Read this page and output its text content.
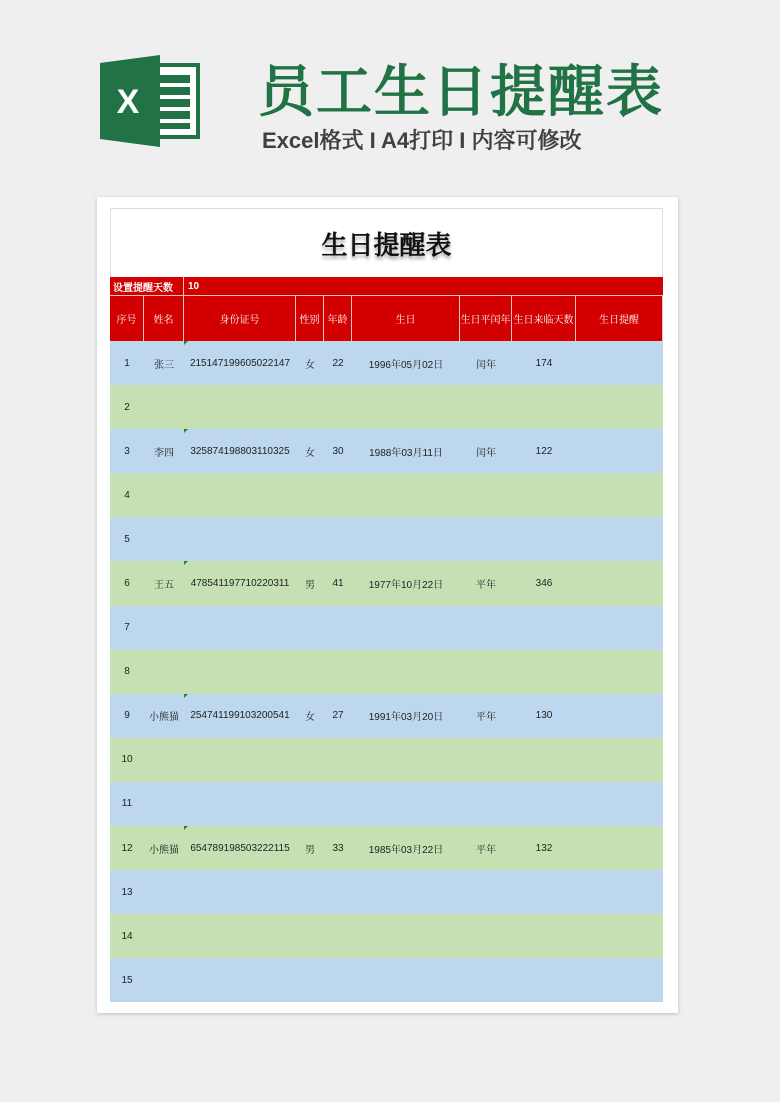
X 员工生日提醒表
Excel格式 I A4打印 I 内容可修改
生日提醒表
设置提醒天数	10
序号	姓名	身份证号	性别 年龄	生日	生日平闰年 生日来临天数	生日提醒
1 张三 215147199605022147 女 22	1996年05月02日	闰年	174
2
3 李四 325874198803110325 女 30	1988年03月11日	闰年	122
4
5
6 王五 478541197710220311 男 41	1977年10月22日	平年	346
7
8
9 小熊猫 254741199103200541 女 27	1991年03月20日	平年	130
10
11
12 小熊猫 654789198503222115 男 33	1985年03月22日	平年	132
13
14
15
